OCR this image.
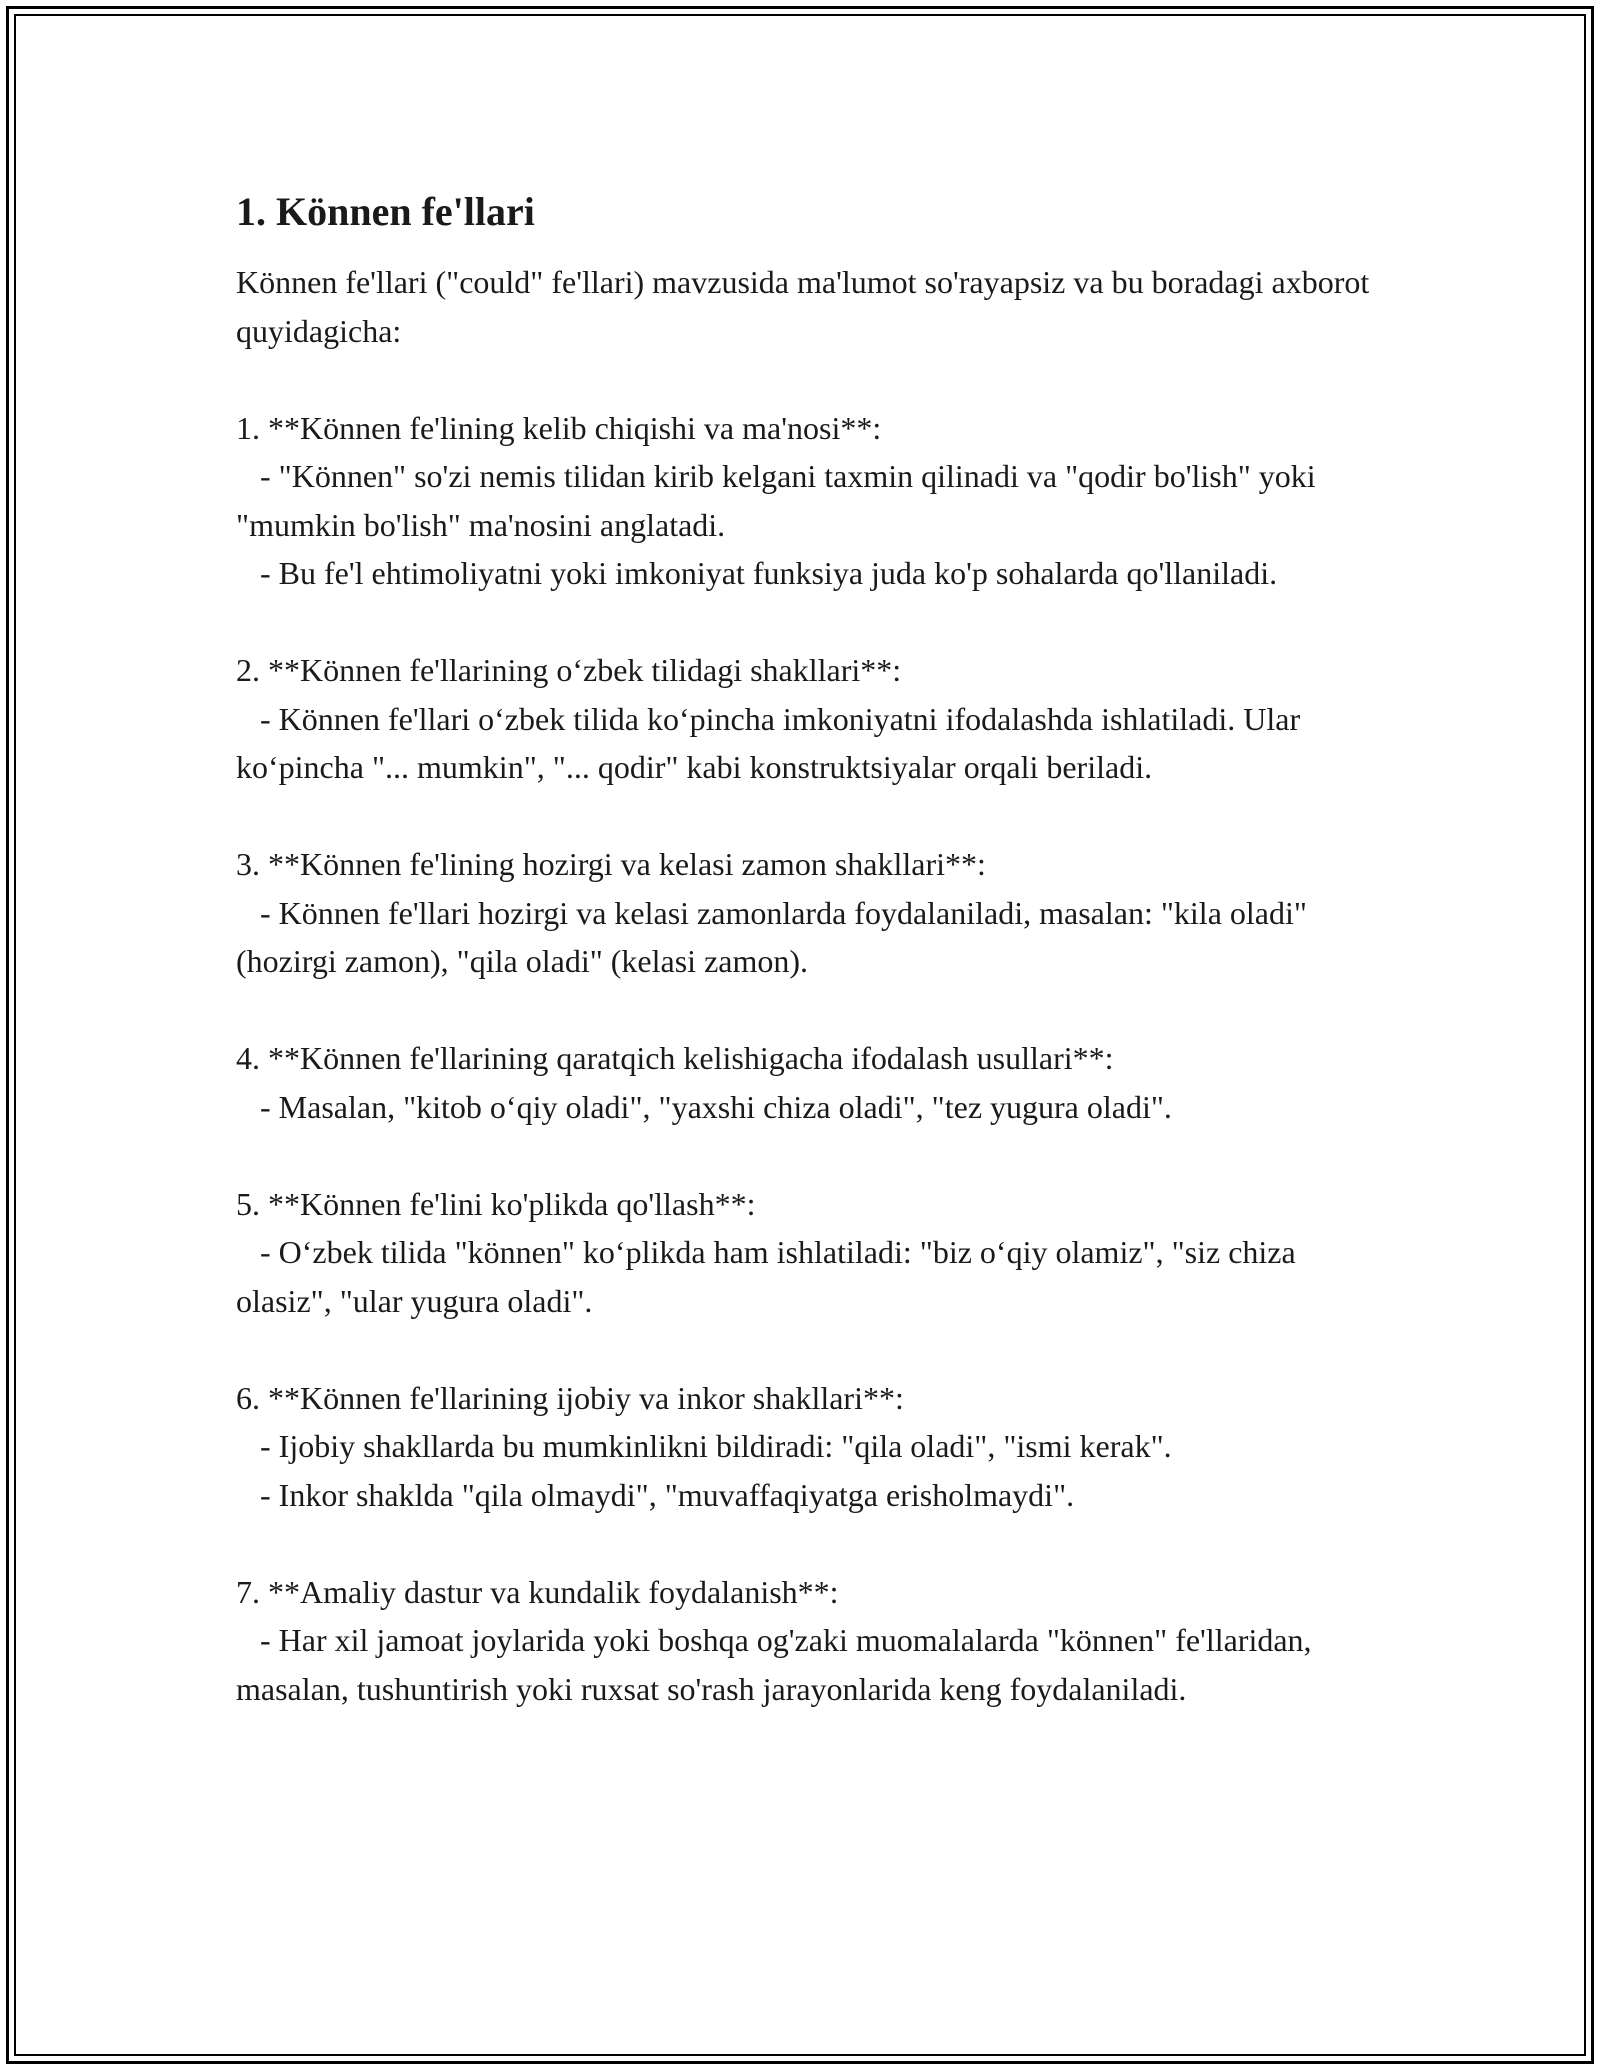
1. Können fe'llari

Können fe'llari ("could" fe'llari) mavzusida ma'lumot so'rayapsiz va bu boradagi axborot quyidagicha:

1. **Können fe'lining kelib chiqishi va ma'nosi**:

- "Können" so'zi nemis tilidan kirib kelgani taxmin qilinadi va "qodir bo'lish" yoki "mumkin bo'lish" ma'nosini anglatadi.

- Bu fe'l ehtimoliyatni yoki imkoniyat funksiya juda ko'p sohalarda qo'llaniladi.

2. **Können fe'llarining o‘zbek tilidagi shakllari**:

- Können fe'llari o‘zbek tilida ko‘pincha imkoniyatni ifodalashda ishlatiladi. Ular ko‘pincha "... mumkin", "... qodir" kabi konstruktsiyalar orqali beriladi.

3. **Können fe'lining hozirgi va kelasi zamon shakllari**:

- Können fe'llari hozirgi va kelasi zamonlarda foydalaniladi, masalan: "kila oladi" (hozirgi zamon), "qila oladi" (kelasi zamon).

4. **Können fe'llarining qaratqich kelishigacha ifodalash usullari**:

- Masalan, "kitob o‘qiy oladi", "yaxshi chiza oladi", "tez yugura oladi".

5. **Können fe'lini ko'plikda qo'llash**:

- O‘zbek tilida "können" ko‘plikda ham ishlatiladi: "biz o‘qiy olamiz", "siz chiza olasiz", "ular yugura oladi".

6. **Können fe'llarining ijobiy va inkor shakllari**:

- Ijobiy shakllarda bu mumkinlikni bildiradi: "qila oladi", "ismi kerak".

- Inkor shaklda "qila olmaydi", "muvaffaqiyatga erisholmaydi".

7. **Amaliy dastur va kundalik foydalanish**:

- Har xil jamoat joylarida yoki boshqa og'zaki muomalalarda "können" fe'llaridan, masalan, tushuntirish yoki ruxsat so'rash jarayonlarida keng foydalaniladi.
